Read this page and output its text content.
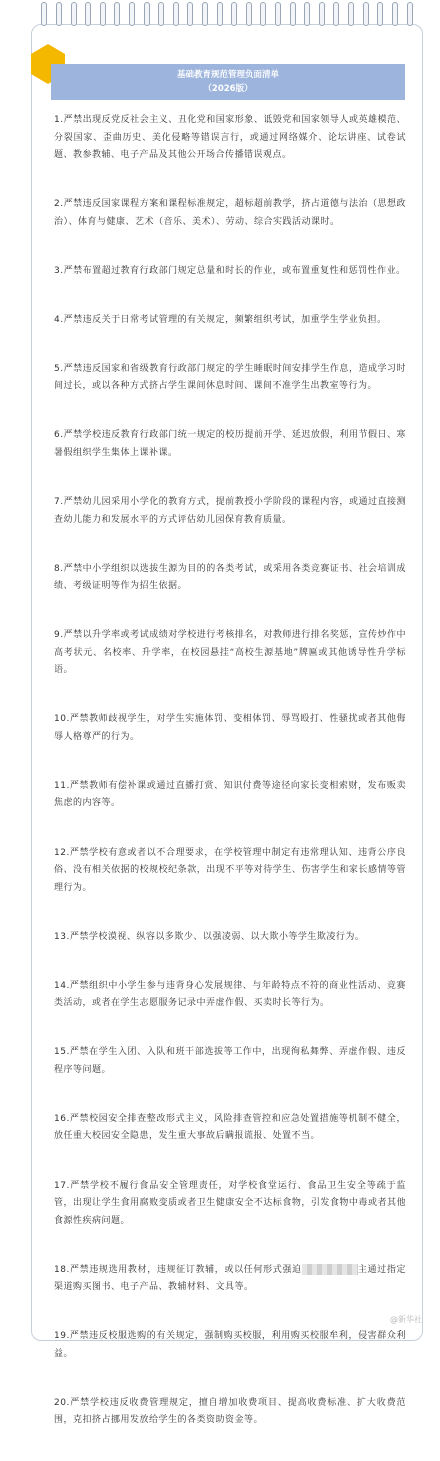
基础教育规范管理负面清单
（2026版）

1.严禁出现反党反社会主义、丑化党和国家形象、诋毁党和国家领导人或英雄模范、分裂国家、歪曲历史、美化侵略等错误言行，或通过网络媒介、论坛讲座、试卷试题、教参教辅、电子产品及其他公开场合传播错误观点。

2.严禁违反国家课程方案和课程标准规定，超标超前教学，挤占道德与法治（思想政治）、体育与健康、艺术（音乐、美术）、劳动、综合实践活动课时。

3.严禁布置超过教育行政部门规定总量和时长的作业，或布置重复性和惩罚性作业。

4.严禁违反关于日常考试管理的有关规定，频繁组织考试，加重学生学业负担。

5.严禁违反国家和省级教育行政部门规定的学生睡眠时间安排学生作息，造成学习时间过长，或以各种方式挤占学生课间休息时间、课间不准学生出教室等行为。

6.严禁学校违反教育行政部门统一规定的校历提前开学、延迟放假，利用节假日、寒暑假组织学生集体上课补课。

7.严禁幼儿园采用小学化的教育方式，提前教授小学阶段的课程内容，或通过直接测查幼儿能力和发展水平的方式评估幼儿园保育教育质量。

8.严禁中小学组织以选拔生源为目的的各类考试，或采用各类竞赛证书、社会培训成绩、考级证明等作为招生依据。

9.严禁以升学率或考试成绩对学校进行考核排名，对教师进行排名奖惩，宣传炒作中高考状元、名校率、升学率，在校园悬挂“高校生源基地”牌匾或其他诱导性升学标语。

10.严禁教师歧视学生，对学生实施体罚、变相体罚、辱骂殴打、性骚扰或者其他侮辱人格尊严的行为。

11.严禁教师有偿补课或通过直播打赏、知识付费等途径向家长变相索财，发布贩卖焦虑的内容等。

12.严禁学校有意或者以不合理要求，在学校管理中制定有违常理认知、违背公序良俗、没有相关依据的校规校纪条款，出现不平等对待学生、伤害学生和家长感情等管理行为。

13.严禁学校漠视、纵容以多欺少、以强凌弱、以大欺小等学生欺凌行为。

14.严禁组织中小学生参与违背身心发展规律、与年龄特点不符的商业性活动、竞赛类活动，或者在学生志愿服务记录中弄虚作假、买卖时长等行为。

15.严禁在学生入团、入队和班干部选拔等工作中，出现徇私舞弊、弄虚作假、违反程序等问题。

16.严禁校园安全排查整改形式主义，风险排查管控和应急处置措施等机制不健全，放任重大校园安全隐患，发生重大事故后瞒报谎报、处置不当。

17.严禁学校不履行食品安全管理责任，对学校食堂运行、食品卫生安全等疏于监管，出现让学生食用腐败变质或者卫生健康安全不达标食物，引发食物中毒或者其他食源性疾病问题。

18.严禁违规选用教材，违规征订教辅，或以任何形式强迫	主通过指定渠道购买图书、电子产品、教辅材料、文具等。

19.严禁违反校服选购的有关规定，强制购买校服，利用购买校服牟利，侵害群众利益。

20.严禁学校违反收费管理规定，擅自增加收费项目、提高收费标准、扩大收费范围，克扣挤占挪用发放给学生的各类资助资金等。

@新华社
